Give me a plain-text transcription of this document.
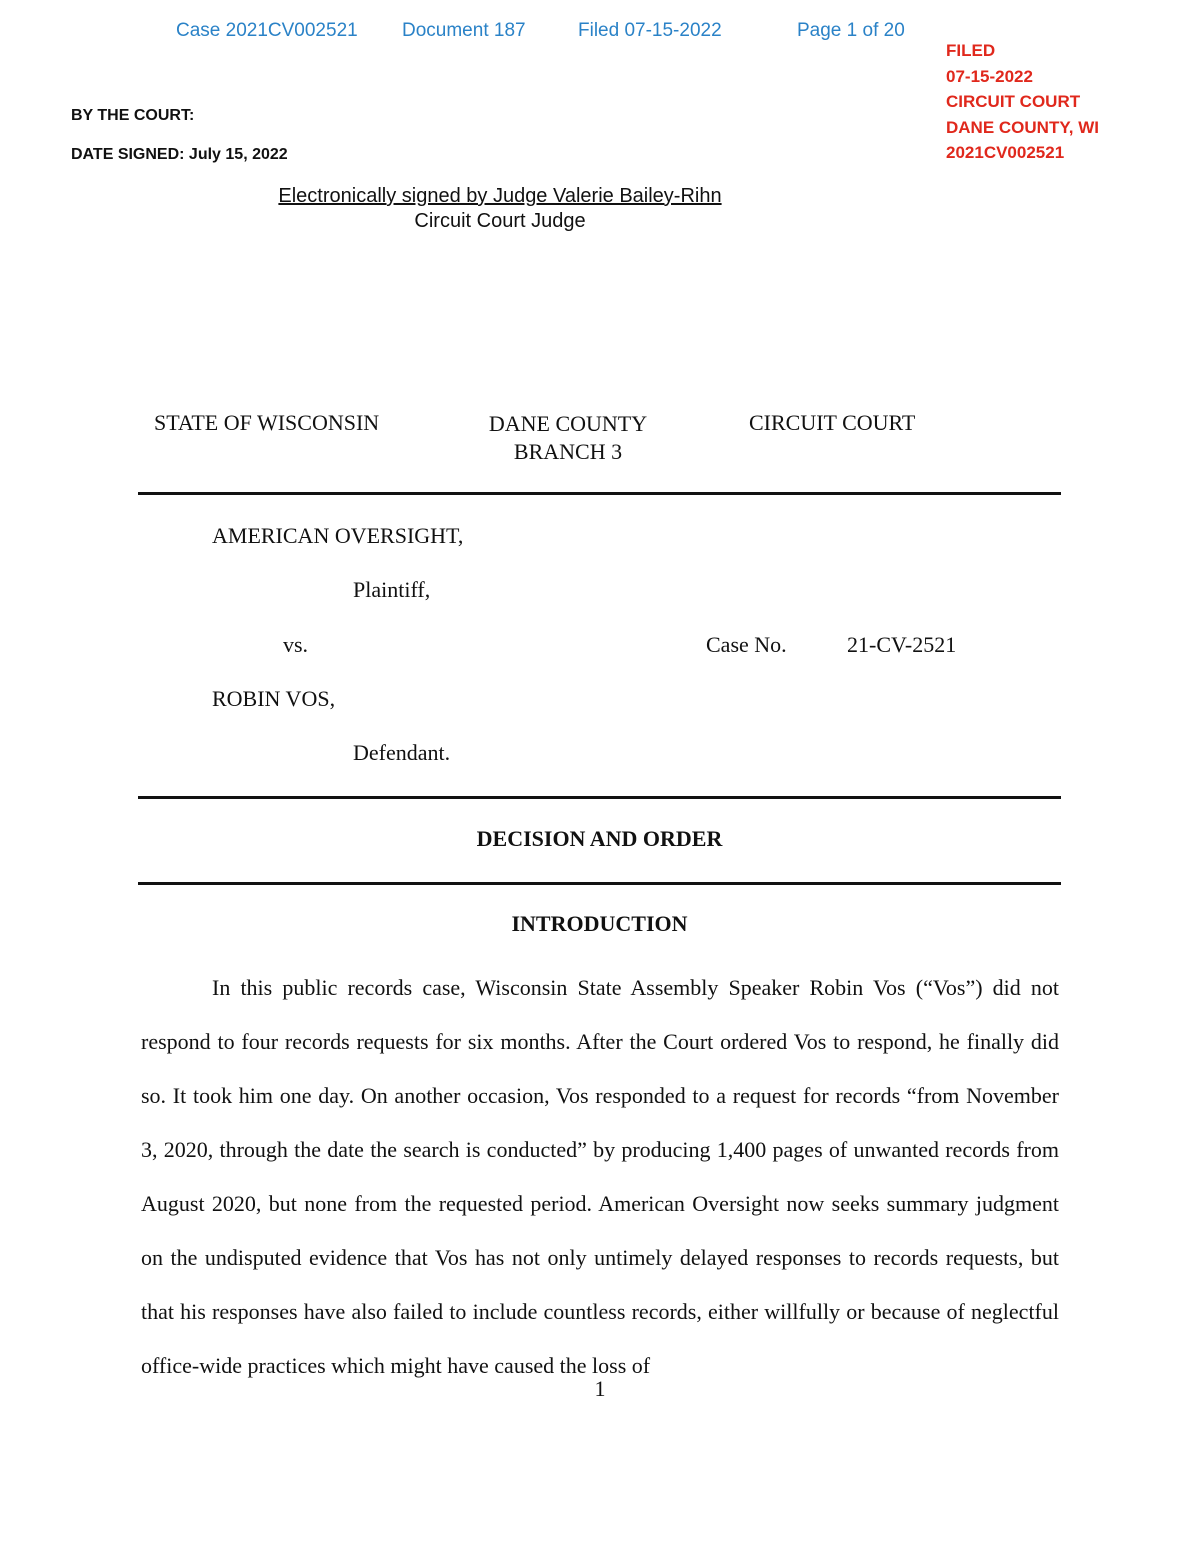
Case 2021CV002521 Document 187	Filed 07-15-2022	Page 1 of 20
FILED
07-15-2022
CIRCUIT COURT
DANE COUNTY, WI
2021CV002521
BY THE COURT:
DATE SIGNED: July 15, 2022
Electronically signed by Judge Valerie Bailey-Rihn
Circuit Court Judge
STATE OF WISCONSIN	DANE COUNTY
BRANCH 3
CIRCUIT COURT
AMERICAN OVERSIGHT,
Plaintiff,
vs.	Case No.	21-CV-2521
ROBIN VOS,
Defendant.
DECISION AND ORDER
INTRODUCTION
In this public records case, Wisconsin State Assembly Speaker Robin Vos (“Vos”) did not respond to four records requests for six months. After the Court ordered Vos to respond, he finally did so. It took him one day. On another occasion, Vos responded to a request for records “from November 3, 2020, through the date the search is conducted” by producing 1,400 pages of unwanted records from August 2020, but none from the requested period. American Oversight now seeks summary judgment on the undisputed evidence that Vos has not only untimely delayed responses to records requests, but that his responses have also failed to include countless records, either willfully or because of neglectful office-wide practices which might have caused the loss of
1
